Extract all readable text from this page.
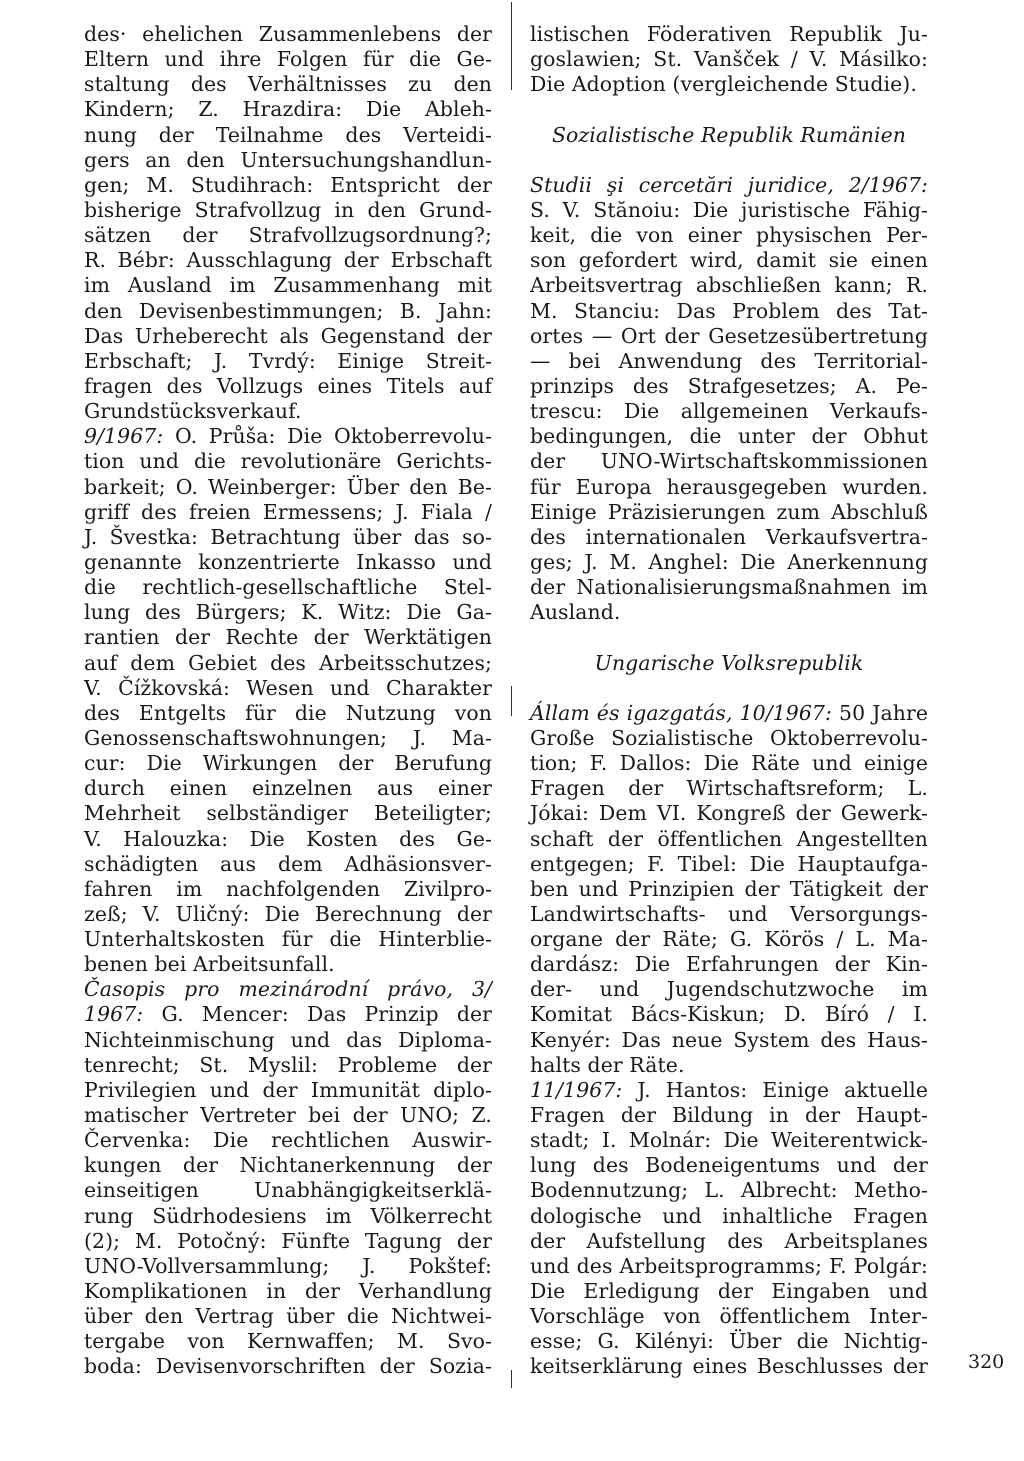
des· ehelichen Zusammenlebens der
Eltern und ihre Folgen für die Ge-
staltung des Verhältnisses zu den
Kindern; Z. Hrazdira: Die Ableh-
nung der Teilnahme des Verteidi-
gers an den Untersuchungshandlun-
gen; M. Studihrach: Entspricht der
bisherige Strafvollzug in den Grund-
sätzen der Strafvollzugsordnung?;
R. Bébr: Ausschlagung der Erbschaft
im Ausland im Zusammenhang mit
den Devisenbestimmungen; B. Jahn:
Das Urheberecht als Gegenstand der
Erbschaft; J. Tvrdý: Einige Streit-
fragen des Vollzugs eines Titels auf
Grundstücksverkauf.
9/1967: O. Průša: Die Oktoberrevolu-
tion und die revolutionäre Gerichts-
barkeit; O. Weinberger: Über den Be-
griff des freien Ermessens; J. Fiala /
J. Švestka: Betrachtung über das so-
genannte konzentrierte Inkasso und
die rechtlich-gesellschaftliche Stel-
lung des Bürgers; K. Witz: Die Ga-
rantien der Rechte der Werktätigen
auf dem Gebiet des Arbeitsschutzes;
V. Čížkovská: Wesen und Charakter
des Entgelts für die Nutzung von
Genossenschaftswohnungen; J. Ma-
cur: Die Wirkungen der Berufung
durch einen einzelnen aus einer
Mehrheit selbständiger Beteiligter;
V. Halouzka: Die Kosten des Ge-
schädigten aus dem Adhäsionsver-
fahren im nachfolgenden Zivilpro-
zeß; V. Uličný: Die Berechnung der
Unterhaltskosten für die Hinterblie-
benen bei Arbeitsunfall.
Časopis pro mezinárodní právo, 3/
1967: G. Mencer: Das Prinzip der
Nichteinmischung und das Diploma-
tenrecht; St. Myslil: Probleme der
Privilegien und der Immunität diplo-
matischer Vertreter bei der UNO; Z.
Červenka: Die rechtlichen Auswir-
kungen der Nichtanerkennung der
einseitigen Unabhängigkeitserklä-
rung Südrhodesiens im Völkerrecht
(2); M. Potočný: Fünfte Tagung der
UNO-Vollversammlung; J. Pokštef:
Komplikationen in der Verhandlung
über den Vertrag über die Nichtwei-
tergabe von Kernwaffen; M. Svo-
boda: Devisenvorschriften der Sozia-
listischen Föderativen Republik Ju-
goslawien; St. Vanšček / V. Másilko:
Die Adoption (vergleichende Studie).

Sozialistische Republik Rumänien

Studii şi cercetări juridice, 2/1967:
S. V. Stănoiu: Die juristische Fähig-
keit, die von einer physischen Per-
son gefordert wird, damit sie einen
Arbeitsvertrag abschließen kann; R.
M. Stanciu: Das Problem des Tat-
ortes — Ort der Gesetzesübertretung
— bei Anwendung des Territorial-
prinzips des Strafgesetzes; A. Pe-
trescu: Die allgemeinen Verkaufs-
bedingungen, die unter der Obhut
der UNO-Wirtschaftskommissionen
für Europa herausgegeben wurden.
Einige Präzisierungen zum Abschluß
des internationalen Verkaufsvertra-
ges; J. M. Anghel: Die Anerkennung
der Nationalisierungsmaßnahmen im
Ausland.

Ungarische Volksrepublik

Állam és igazgatás, 10/1967: 50 Jahre
Große Sozialistische Oktoberrevolu-
tion; F. Dallos: Die Räte und einige
Fragen der Wirtschaftsreform; L.
Jókai: Dem VI. Kongreß der Gewerk-
schaft der öffentlichen Angestellten
entgegen; F. Tibel: Die Hauptaufga-
ben und Prinzipien der Tätigkeit der
Landwirtschafts- und Versorgungs-
organe der Räte; G. Körös / L. Ma-
dardász: Die Erfahrungen der Kin-
der- und Jugendschutzwoche im
Komitat Bács-Kiskun; D. Bíró / I.
Kenyér: Das neue System des Haus-
halts der Räte.
11/1967: J. Hantos: Einige aktuelle
Fragen der Bildung in der Haupt-
stadt; I. Molnár: Die Weiterentwick-
lung des Bodeneigentums und der
Bodennutzung; L. Albrecht: Metho-
dologische und inhaltliche Fragen
der Aufstellung des Arbeitsplanes
und des Arbeitsprogramms; F. Polgár:
Die Erledigung der Eingaben und
Vorschläge von öffentlichem Inter-
esse; G. Kilényi: Über die Nichtig-
keitserklärung eines Beschlusses der 320
